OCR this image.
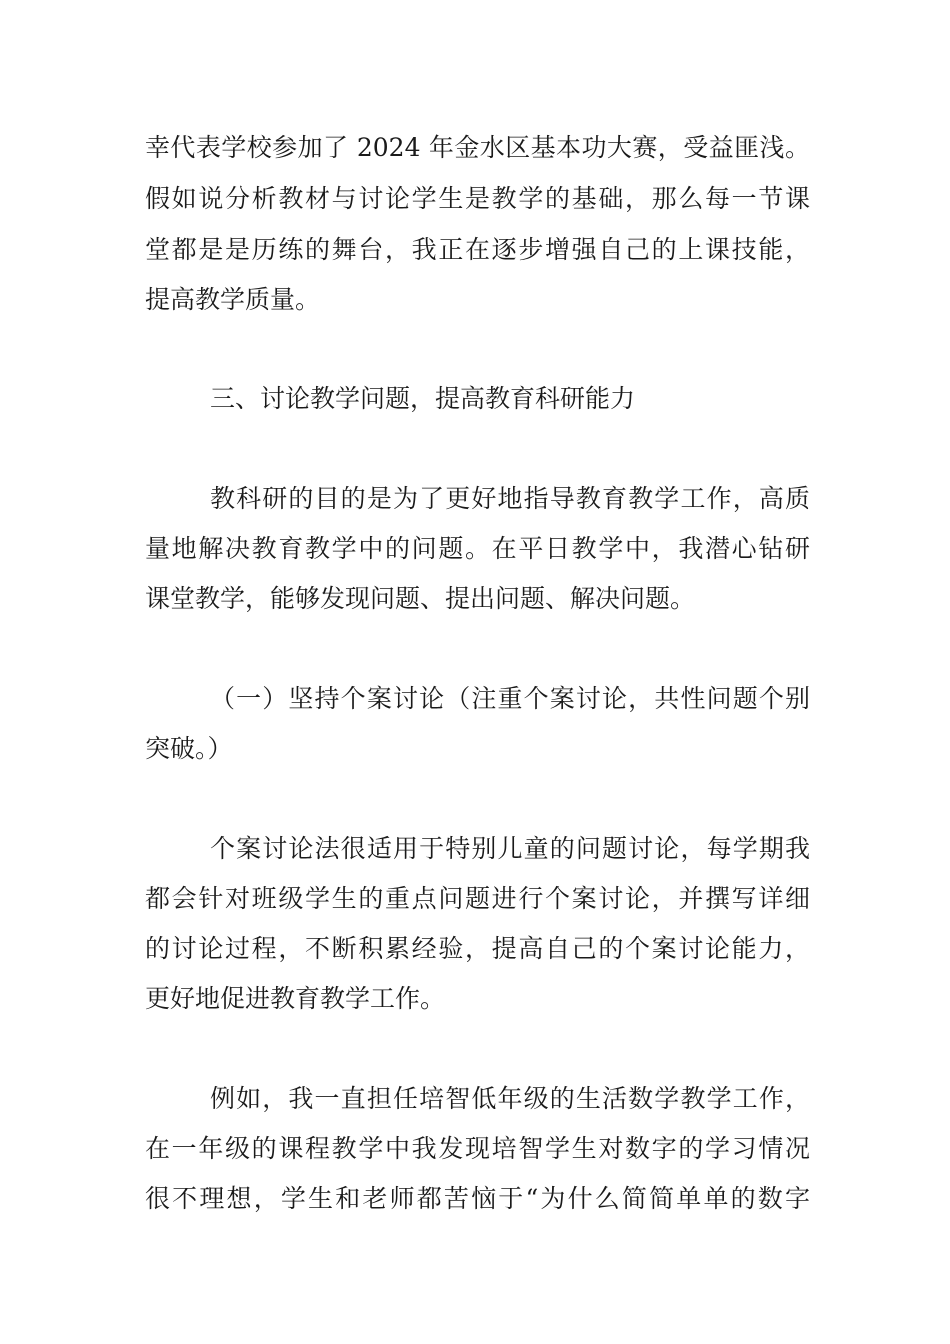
幸代表学校参加了 2024 年金水区基本功大赛，受益匪浅。
假如说分析教材与讨论学生是教学的基础，那么每一节课
堂都是是历练的舞台，我正在逐步增强自己的上课技能，
提高教学质量。
三、讨论教学问题，提高教育科研能力
教科研的目的是为了更好地指导教育教学工作，高质
量地解决教育教学中的问题。在平日教学中，我潜心钻研
课堂教学，能够发现问题、提出问题、解决问题。
（一）坚持个案讨论（注重个案讨论，共性问题个别
突破。）
个案讨论法很适用于特别儿童的问题讨论，每学期我
都会针对班级学生的重点问题进行个案讨论，并撰写详细
的讨论过程，不断积累经验，提高自己的个案讨论能力，
更好地促进教育教学工作。
例如，我一直担任培智低年级的生活数学教学工作，
在一年级的课程教学中我发现培智学生对数字的学习情况
很不理想，学生和老师都苦恼于“为什么简简单单的数字
